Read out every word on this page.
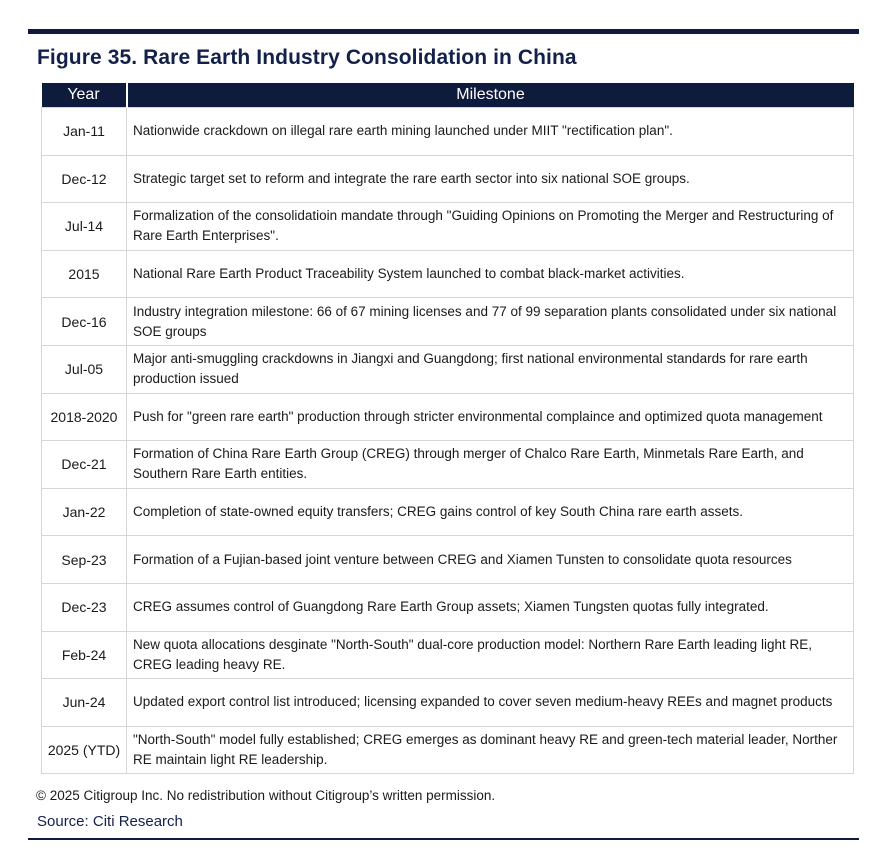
Figure 35. Rare Earth Industry Consolidation in China
Year	Milestone
Jan-11	Nationwide crackdown on illegal rare earth mining launched under MIIT "rectification plan".
Dec-12	Strategic target set to reform and integrate the rare earth sector into six national SOE groups.
Jul-14	Formalization of the consolidatioin mandate through "Guiding Opinions on Promoting the Merger and Restructuring of Rare Earth Enterprises".
2015	National Rare Earth Product Traceability System launched to combat black-market activities.
Dec-16	Industry integration milestone: 66 of 67 mining licenses and 77 of 99 separation plants consolidated under six national SOE groups
Jul-05	Major anti-smuggling crackdowns in Jiangxi and Guangdong; first national environmental standards for rare earth production issued
2018-2020	Push for "green rare earth" production through stricter environmental complaince and optimized quota management
Dec-21	Formation of China Rare Earth Group (CREG) through merger of Chalco Rare Earth, Minmetals Rare Earth, and Southern Rare Earth entities.
Jan-22	Completion of state-owned equity transfers; CREG gains control of key South China rare earth assets.
Sep-23	Formation of a Fujian-based joint venture between CREG and Xiamen Tunsten to consolidate quota resources
Dec-23	CREG assumes control of Guangdong Rare Earth Group assets; Xiamen Tungsten quotas fully integrated.
Feb-24	New quota allocations desginate "North-South" dual-core production model: Northern Rare Earth leading light RE, CREG leading heavy RE.
Jun-24	Updated export control list introduced; licensing expanded to cover seven medium-heavy REEs and magnet products
2025 (YTD)	"North-South" model fully established; CREG emerges as dominant heavy RE and green-tech material leader, Norther RE maintain light RE leadership.
© 2025 Citigroup Inc. No redistribution without Citigroup’s written permission.
Source: Citi Research
